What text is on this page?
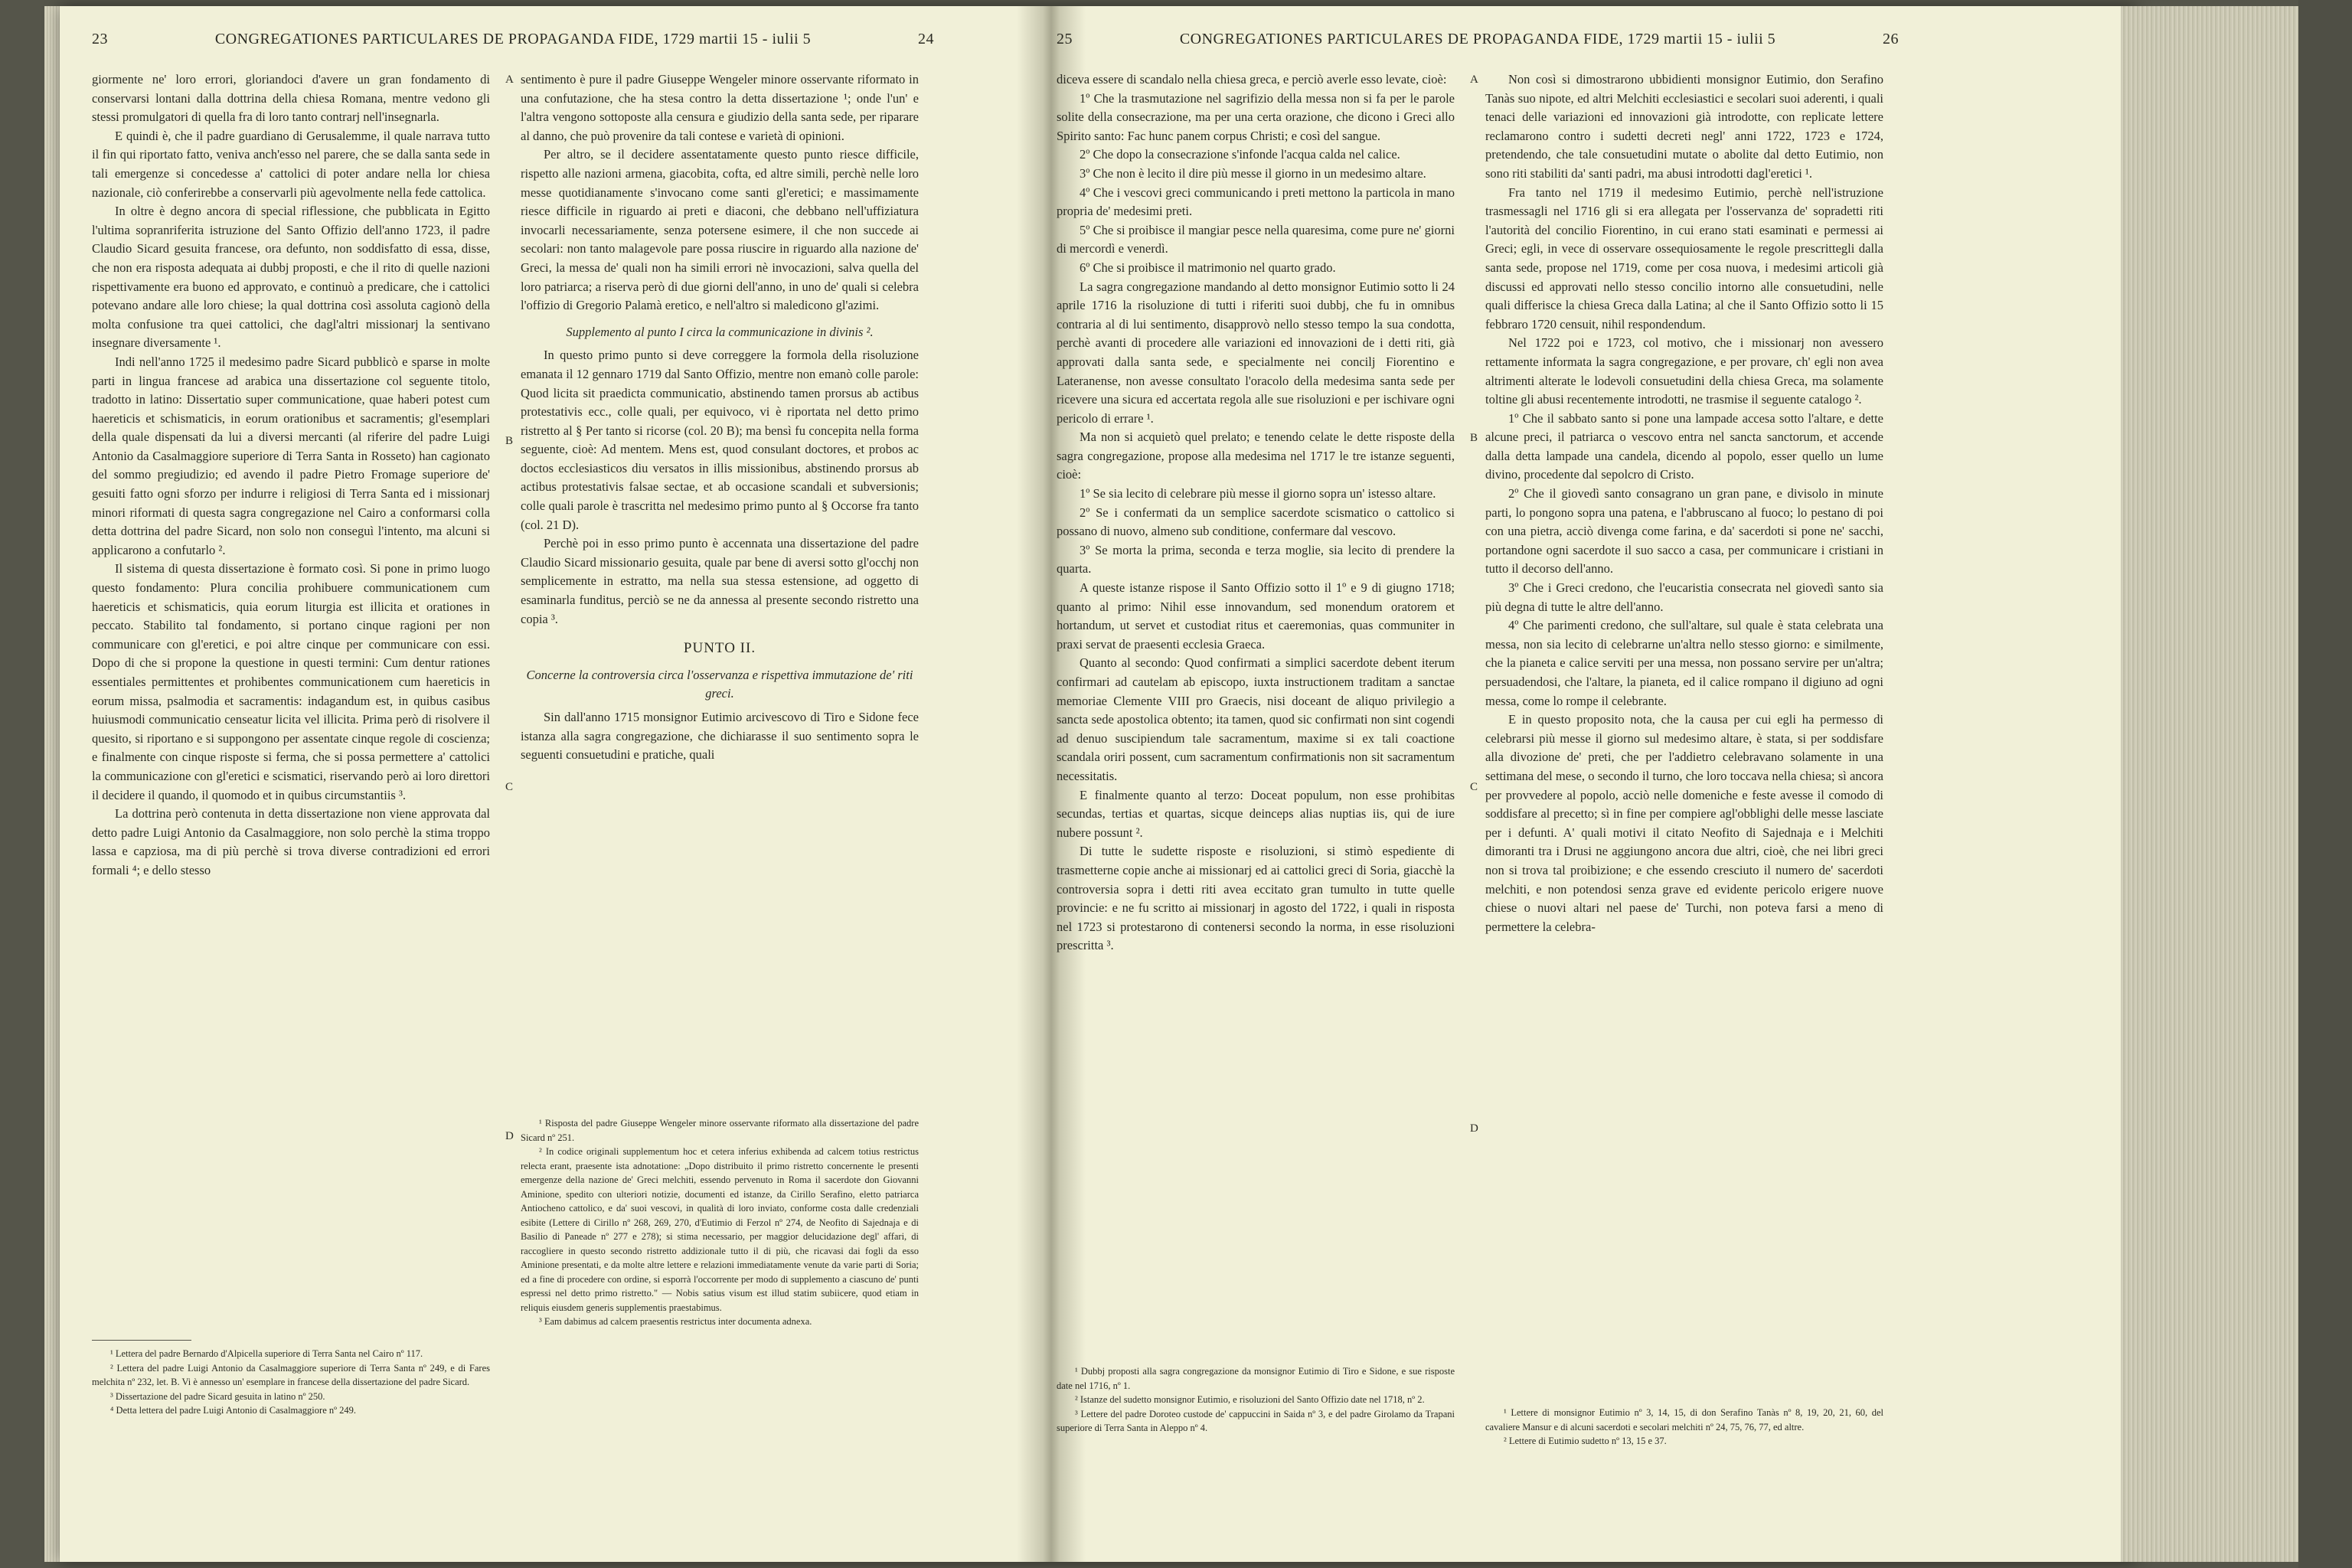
23	CONGREGATIONES PARTICULARES DE PROPAGANDA FIDE, 1729 martii 15 - iulii 5	24

giormente ne' loro errori, gloriandoci d'avere un gran fondamento di conservarsi lontani dalla dottrina della chiesa Romana, mentre vedono gli stessi promulgatori di quella fra di loro tanto contrarj nell'insegnarla.

E quindi è, che il padre guardiano di Gerusalemme, il quale narrava tutto il fin qui riportato fatto, veniva anch'esso nel parere, che se dalla santa sede in tali emergenze si concedesse a' cattolici di poter andare nella lor chiesa nazionale, ciò conferirebbe a conservarli più agevolmente nella fede cattolica.

In oltre è degno ancora di special riflessione, che pubblicata in Egitto l'ultima sopranriferita istruzione del Santo Offizio dell'anno 1723, il padre Claudio Sicard gesuita francese, ora defunto, non soddisfatto di essa, disse, che non era risposta adequata ai dubbj proposti, e che il rito di quelle nazioni rispettivamente era buono ed approvato, e continuò a predicare, che i cattolici potevano andare alle loro chiese; la qual dottrina così assoluta cagionò della molta confusione tra quei cattolici, che dagl'altri missionarj la sentivano insegnare diversamente ¹.

Indi nell'anno 1725 il medesimo padre Sicard pubblicò e sparse in molte parti in lingua francese ad arabica una dissertazione col seguente titolo, tradotto in latino: Dissertatio super communicatione, quae haberi potest cum haereticis et schismaticis, in eorum orationibus et sacramentis; gl'esemplari della quale dispensati da lui a diversi mercanti (al riferire del padre Luigi Antonio da Casalmaggiore superiore di Terra Santa in Rosseto) han cagionato del sommo pregiudizio; ed avendo il padre Pietro Fromage superiore de' gesuiti fatto ogni sforzo per indurre i religiosi di Terra Santa ed i missionarj minori riformati di questa sagra congregazione nel Cairo a conformarsi colla detta dottrina del padre Sicard, non solo non conseguì l'intento, ma alcuni si applicarono a confutarlo ².

Il sistema di questa dissertazione è formato così. Si pone in primo luogo questo fondamento: Plura concilia prohibuere communicationem cum haereticis et schismaticis, quia eorum liturgia est illicita et orationes in peccato. Stabilito tal fondamento, si portano cinque ragioni per non communicare con gl'eretici, e poi altre cinque per communicare con essi. Dopo di che si propone la questione in questi termini: Cum dentur rationes essentiales permittentes et prohibentes communicationem cum haereticis in eorum missa, psalmodia et sacramentis: indagandum est, in quibus casibus huiusmodi communicatio censeatur licita vel illicita. Prima però di risolvere il quesito, si riportano e si suppongono per assentate cinque regole di coscienza; e finalmente con cinque risposte si ferma, che si possa permettere a' cattolici la communicazione con gl'eretici e scismatici, riservando però ai loro direttori il decidere il quando, il quomodo et in quibus circumstantiis ³.

La dottrina però contenuta in detta dissertazione non viene approvata dal detto padre Luigi Antonio da Casalmaggiore, non solo perchè la stima troppo lassa e capziosa, ma di più perchè si trova diverse contradizioni ed errori formali ⁴; e dello stesso

¹ Lettera del padre Bernardo d'Alpicella superiore di Terra Santa nel Cairo nº 117.

² Lettera del padre Luigi Antonio da Casalmaggiore superiore di Terra Santa nº 249, e di Fares melchita nº 232, let. B. Vi è annesso un' esemplare in francese della dissertazione del padre Sicard.

³ Dissertazione del padre Sicard gesuita in latino nº 250.

⁴ Detta lettera del padre Luigi Antonio di Casalmaggiore nº 249.

A
B
C
D

sentimento è pure il padre Giuseppe Wengeler minore osservante riformato in una confutazione, che ha stesa contro la detta dissertazione ¹; onde l'un' e l'altra vengono sottoposte alla censura e giudizio della santa sede, per riparare al danno, che può provenire da tali contese e varietà di opinioni.

Per altro, se il decidere assentatamente questo punto riesce difficile, rispetto alle nazioni armena, giacobita, cofta, ed altre simili, perchè nelle loro messe quotidianamente s'invocano come santi gl'eretici; e massimamente riesce difficile in riguardo ai preti e diaconi, che debbano nell'uffiziatura invocarli necessariamente, senza potersene esimere, il che non succede ai secolari: non tanto malagevole pare possa riuscire in riguardo alla nazione de' Greci, la messa de' quali non ha simili errori nè invocazioni, salva quella del loro patriarca; a riserva però di due giorni dell'anno, in uno de' quali si celebra l'offizio di Gregorio Palamà eretico, e nell'altro si maledicono gl'azimi.

Supplemento al punto I circa la communicazione in divinis ².

In questo primo punto si deve correggere la formola della risoluzione emanata il 12 gennaro 1719 dal Santo Offizio, mentre non emanò colle parole: Quod licita sit praedicta communicatio, abstinendo tamen prorsus ab actibus protestativis ecc., colle quali, per equivoco, vi è riportata nel detto primo ristretto al § Per tanto si ricorse (col. 20 B); ma bensì fu concepita nella forma seguente, cioè: Ad mentem. Mens est, quod consulant doctores, et probos ac doctos ecclesiasticos diu versatos in illis missionibus, abstinendo prorsus ab actibus protestativis falsae sectae, et ab occasione scandali et subversionis; colle quali parole è trascritta nel medesimo primo punto al § Occorse fra tanto (col. 21 D).

Perchè poi in esso primo punto è accennata una dissertazione del padre Claudio Sicard missionario gesuita, quale par bene di aversi sotto gl'occhj non semplicemente in estratto, ma nella sua stessa estensione, ad oggetto di esaminarla funditus, perciò se ne da annessa al presente secondo ristretto una copia ³.

PUNTO II.

Concerne la controversia circa l'osservanza e rispettiva immutazione de' riti greci.

Sin dall'anno 1715 monsignor Eutimio arcivescovo di Tiro e Sidone fece istanza alla sagra congregazione, che dichiarasse il suo sentimento sopra le seguenti consuetudini e pratiche, quali

¹ Risposta del padre Giuseppe Wengeler minore osservante riformato alla dissertazione del padre Sicard nº 251.

² In codice originali supplementum hoc et cetera inferius exhibenda ad calcem totius restrictus relecta erant, praesente ista adnotatione: „Dopo distribuito il primo ristretto concernente le presenti emergenze della nazione de' Greci melchiti, essendo pervenuto in Roma il sacerdote don Giovanni Aminione, spedito con ulteriori notizie, documenti ed istanze, da Cirillo Serafino, eletto patriarca Antiocheno cattolico, e da' suoi vescovi, in qualità di loro inviato, conforme costa dalle credenziali esibite (Lettere di Cirillo nº 268, 269, 270, d'Eutimio di Ferzol nº 274, de Neofito di Sajednaja e di Basilio di Paneade nº 277 e 278); si stima necessario, per maggior delucidazione degl' affari, di raccogliere in questo secondo ristretto addizionale tutto il di più, che ricavasi dai fogli da esso Aminione presentati, e da molte altre lettere e relazioni immediatamente venute da varie parti di Soria; ed a fine di procedere con ordine, si esporrà l'occorrente per modo di supplemento a ciascuno de' punti espressi nel detto primo ristretto." — Nobis satius visum est illud statim subiicere, quod etiam in reliquis eiusdem generis supplementis praestabimus.

³ Eam dabimus ad calcem praesentis restrictus inter documenta adnexa.

25	CONGREGATIONES PARTICULARES DE PROPAGANDA FIDE, 1729 martii 15 - iulii 5	26

diceva essere di scandalo nella chiesa greca, e perciò averle esso levate, cioè:

1º Che la trasmutazione nel sagrifizio della messa non si fa per le parole solite della consecrazione, ma per una certa orazione, che dicono i Greci allo Spirito santo: Fac hunc panem corpus Christi; e così del sangue.

2º Che dopo la consecrazione s'infonde l'acqua calda nel calice.

3º Che non è lecito il dire più messe il giorno in un medesimo altare.

4º Che i vescovi greci communicando i preti mettono la particola in mano propria de' medesimi preti.

5º Che si proibisce il mangiar pesce nella quaresima, come pure ne' giorni di mercordì e venerdì.

6º Che si proibisce il matrimonio nel quarto grado.

La sagra congregazione mandando al detto monsignor Eutimio sotto li 24 aprile 1716 la risoluzione di tutti i riferiti suoi dubbj, che fu in omnibus contraria al di lui sentimento, disapprovò nello stesso tempo la sua condotta, perchè avanti di procedere alle variazioni ed innovazioni de i detti riti, già approvati dalla santa sede, e specialmente nei concilj Fiorentino e Lateranense, non avesse consultato l'oracolo della medesima santa sede per ricevere una sicura ed accertata regola alle sue risoluzioni e per ischivare ogni pericolo di errare ¹.

Ma non si acquietò quel prelato; e tenendo celate le dette risposte della sagra congregazione, propose alla medesima nel 1717 le tre istanze seguenti, cioè:

1º Se sia lecito di celebrare più messe il giorno sopra un' istesso altare.

2º Se i confermati da un semplice sacerdote scismatico o cattolico si possano di nuovo, almeno sub conditione, confermare dal vescovo.

3º Se morta la prima, seconda e terza moglie, sia lecito di prendere la quarta.

A queste istanze rispose il Santo Offizio sotto il 1º e 9 di giugno 1718; quanto al primo: Nihil esse innovandum, sed monendum oratorem et hortandum, ut servet et custodiat ritus et caeremonias, quas communiter in praxi servat de praesenti ecclesia Graeca.

Quanto al secondo: Quod confirmati a simplici sacerdote debent iterum confirmari ad cautelam ab episcopo, iuxta instructionem traditam a sanctae memoriae Clemente VIII pro Graecis, nisi doceant de aliquo privilegio a sancta sede apostolica obtento; ita tamen, quod sic confirmati non sint cogendi ad denuo suscipiendum tale sacramentum, maxime si ex tali coactione scandala oriri possent, cum sacramentum confirmationis non sit sacramentum necessitatis.

E finalmente quanto al terzo: Doceat populum, non esse prohibitas secundas, tertias et quartas, sicque deinceps alias nuptias iis, qui de iure nubere possunt ².

Di tutte le sudette risposte e risoluzioni, si stimò espediente di trasmetterne copie anche ai missionarj ed ai cattolici greci di Soria, giacchè la controversia sopra i detti riti avea eccitato gran tumulto in tutte quelle provincie: e ne fu scritto ai missionarj in agosto del 1722, i quali in risposta nel 1723 si protestarono di contenersi secondo la norma, in esse risoluzioni prescritta ³.

¹ Dubbj proposti alla sagra congregazione da monsignor Eutimio di Tiro e Sidone, e sue risposte date nel 1716, nº 1.

² Istanze del sudetto monsignor Eutimio, e risoluzioni del Santo Offizio date nel 1718, nº 2.

³ Lettere del padre Doroteo custode de' cappuccini in Saida nº 3, e del padre Girolamo da Trapani superiore di Terra Santa in Aleppo nº 4.

A
B
C
D

Non così si dimostrarono ubbidienti monsignor Eutimio, don Serafino Tanàs suo nipote, ed altri Melchiti ecclesiastici e secolari suoi aderenti, i quali tenaci delle variazioni ed innovazioni già introdotte, con replicate lettere reclamarono contro i sudetti decreti negl' anni 1722, 1723 e 1724, pretendendo, che tale consuetudini mutate o abolite dal detto Eutimio, non sono riti stabiliti da' santi padri, ma abusi introdotti dagl'eretici ¹.

Fra tanto nel 1719 il medesimo Eutimio, perchè nell'istruzione trasmessagli nel 1716 gli si era allegata per l'osservanza de' sopradetti riti l'autorità del concilio Fiorentino, in cui erano stati esaminati e permessi ai Greci; egli, in vece di osservare ossequiosamente le regole prescrittegli dalla santa sede, propose nel 1719, come per cosa nuova, i medesimi articoli già discussi ed approvati nello stesso concilio intorno alle consuetudini, nelle quali differisce la chiesa Greca dalla Latina; al che il Santo Offizio sotto li 15 febbraro 1720 censuit, nihil respondendum.

Nel 1722 poi e 1723, col motivo, che i missionarj non avessero rettamente informata la sagra congregazione, e per provare, ch' egli non avea altrimenti alterate le lodevoli consuetudini della chiesa Greca, ma solamente toltine gli abusi recentemente introdotti, ne trasmise il seguente catalogo ².

1º Che il sabbato santo si pone una lampade accesa sotto l'altare, e dette alcune preci, il patriarca o vescovo entra nel sancta sanctorum, et accende dalla detta lampade una candela, dicendo al popolo, esser quello un lume divino, procedente dal sepolcro di Cristo.

2º Che il giovedì santo consagrano un gran pane, e divisolo in minute parti, lo pongono sopra una patena, e l'abbruscano al fuoco; lo pestano di poi con una pietra, acciò divenga come farina, e da' sacerdoti si pone ne' sacchi, portandone ogni sacerdote il suo sacco a casa, per communicare i cristiani in tutto il decorso dell'anno.

3º Che i Greci credono, che l'eucaristia consecrata nel giovedì santo sia più degna di tutte le altre dell'anno.

4º Che parimenti credono, che sull'altare, sul quale è stata celebrata una messa, non sia lecito di celebrarne un'altra nello stesso giorno: e similmente, che la pianeta e calice serviti per una messa, non possano servire per un'altra; persuadendosi, che l'altare, la pianeta, ed il calice rompano il digiuno ad ogni messa, come lo rompe il celebrante.

E in questo proposito nota, che la causa per cui egli ha permesso di celebrarsi più messe il giorno sul medesimo altare, è stata, si per soddisfare alla divozione de' preti, che per l'addietro celebravano solamente in una settimana del mese, o secondo il turno, che loro toccava nella chiesa; sì ancora per provvedere al popolo, acciò nelle domeniche e feste avesse il comodo di soddisfare al precetto; sì in fine per compiere agl'obblighi delle messe lasciate per i defunti. A' quali motivi il citato Neofito di Sajednaja e i Melchiti dimoranti tra i Drusi ne aggiungono ancora due altri, cioè, che nei libri greci non si trova tal proibizione; e che essendo cresciuto il numero de' sacerdoti melchiti, e non potendosi senza grave ed evidente pericolo erigere nuove chiese o nuovi altari nel paese de' Turchi, non poteva farsi a meno di permettere la celebra-

¹ Lettere di monsignor Eutimio nº 3, 14, 15, di don Serafino Tanàs nº 8, 19, 20, 21, 60, del cavaliere Mansur e di alcuni sacerdoti e secolari melchiti nº 24, 75, 76, 77, ed altre.

² Lettere di Eutimio sudetto nº 13, 15 e 37.
